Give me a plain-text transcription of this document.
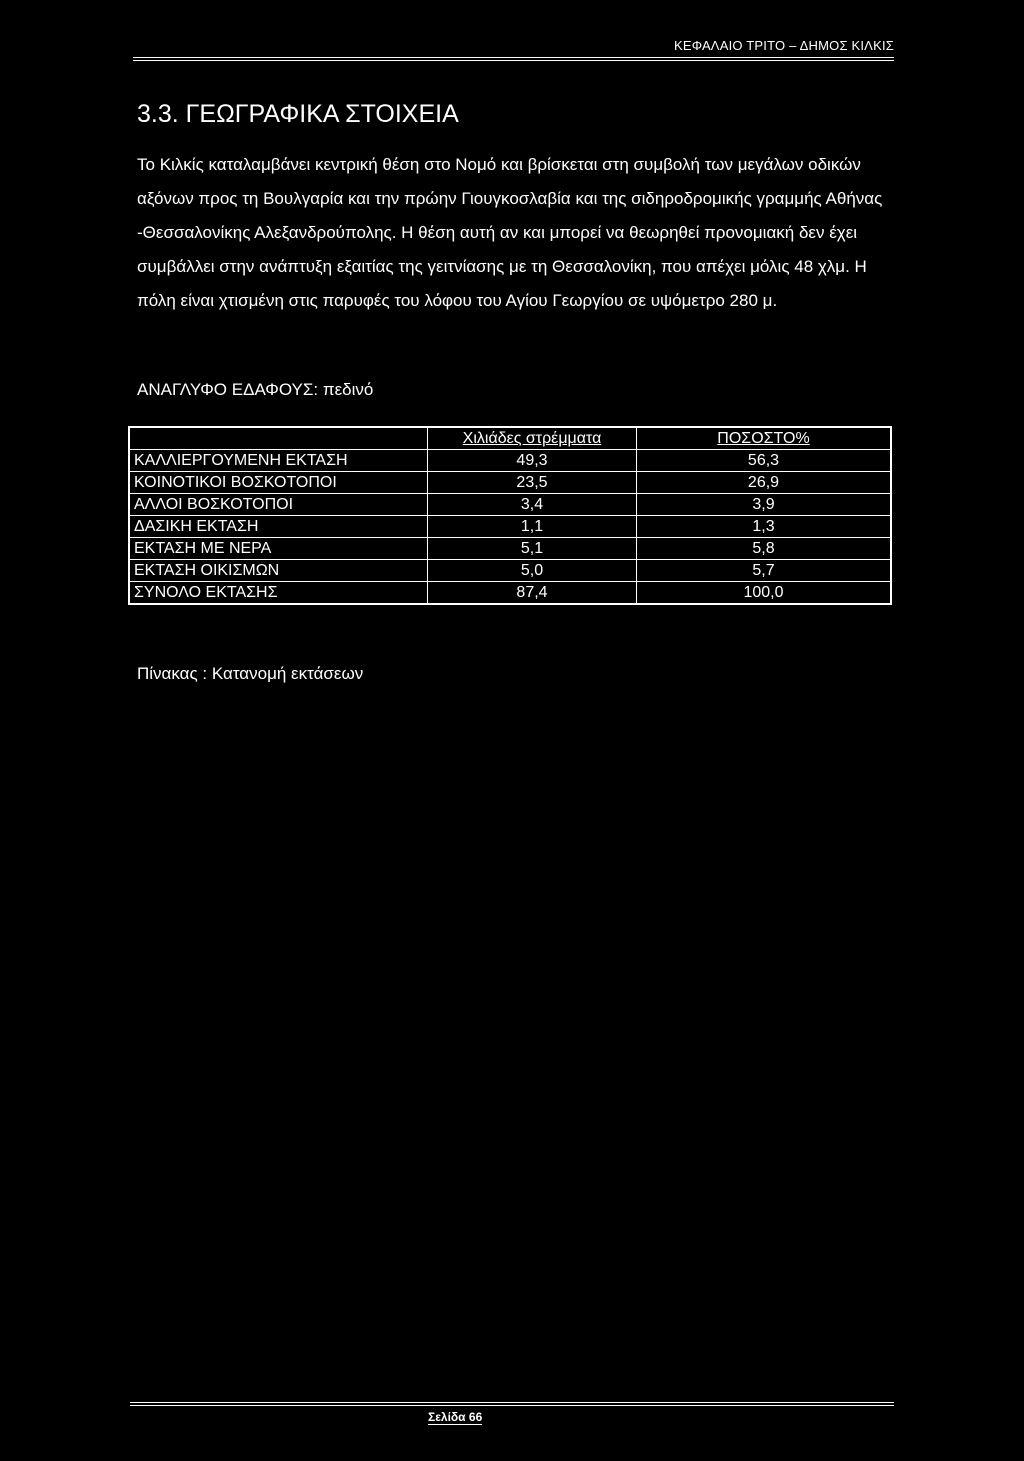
ΚΕΦΑΛΑΙΟ ΤΡΙΤΟ – ΔΗΜΟΣ ΚΙΛΚΙΣ
3.3. ΓΕΩΓΡΑΦΙΚΑ ΣΤΟΙΧΕΙΑ

Το Κιλκίς καταλαμβάνει κεντρική θέση στο Νομό και βρίσκεται στη συμβολή των μεγάλων οδικών αξόνων προς τη Βουλγαρία και την πρώην Γιουγκοσλαβία και της σιδηροδρομικής γραμμής Αθήνας -Θεσσαλονίκης Αλεξανδρούπολης. Η θέση αυτή αν και μπορεί να θεωρηθεί προνομιακή δεν έχει συμβάλλει στην ανάπτυξη εξαιτίας της γειτνίασης με τη Θεσσαλονίκη, που απέχει μόλις 48 χλμ. Η πόλη είναι χτισμένη στις παρυφές του λόφου του Αγίου Γεωργίου σε υψόμετρο 280 μ.

ΑΝΑΓΛΥΦΟ ΕΔΑΦΟΥΣ: πεδινό
	Χιλιάδες στρέμματα	ΠΟΣΟΣΤΟ%
ΚΑΛΛΙΕΡΓΟΥΜΕΝΗ ΕΚΤΑΣΗ	49,3	56,3
ΚΟΙΝΟΤΙΚΟΙ ΒΟΣΚΟΤΟΠΟΙ	23,5	26,9
ΑΛΛΟΙ ΒΟΣΚΟΤΟΠΟΙ	3,4	3,9
ΔΑΣΙΚΗ ΕΚΤΑΣΗ	1,1	1,3
ΕΚΤΑΣΗ ΜΕ ΝΕΡΑ	5,1	5,8
ΕΚΤΑΣΗ ΟΙΚΙΣΜΩΝ	5,0	5,7
ΣΥΝΟΛΟ ΕΚΤΑΣΗΣ	87,4	100,0
Πίνακας : Κατανομή εκτάσεων
Σελίδα 66
